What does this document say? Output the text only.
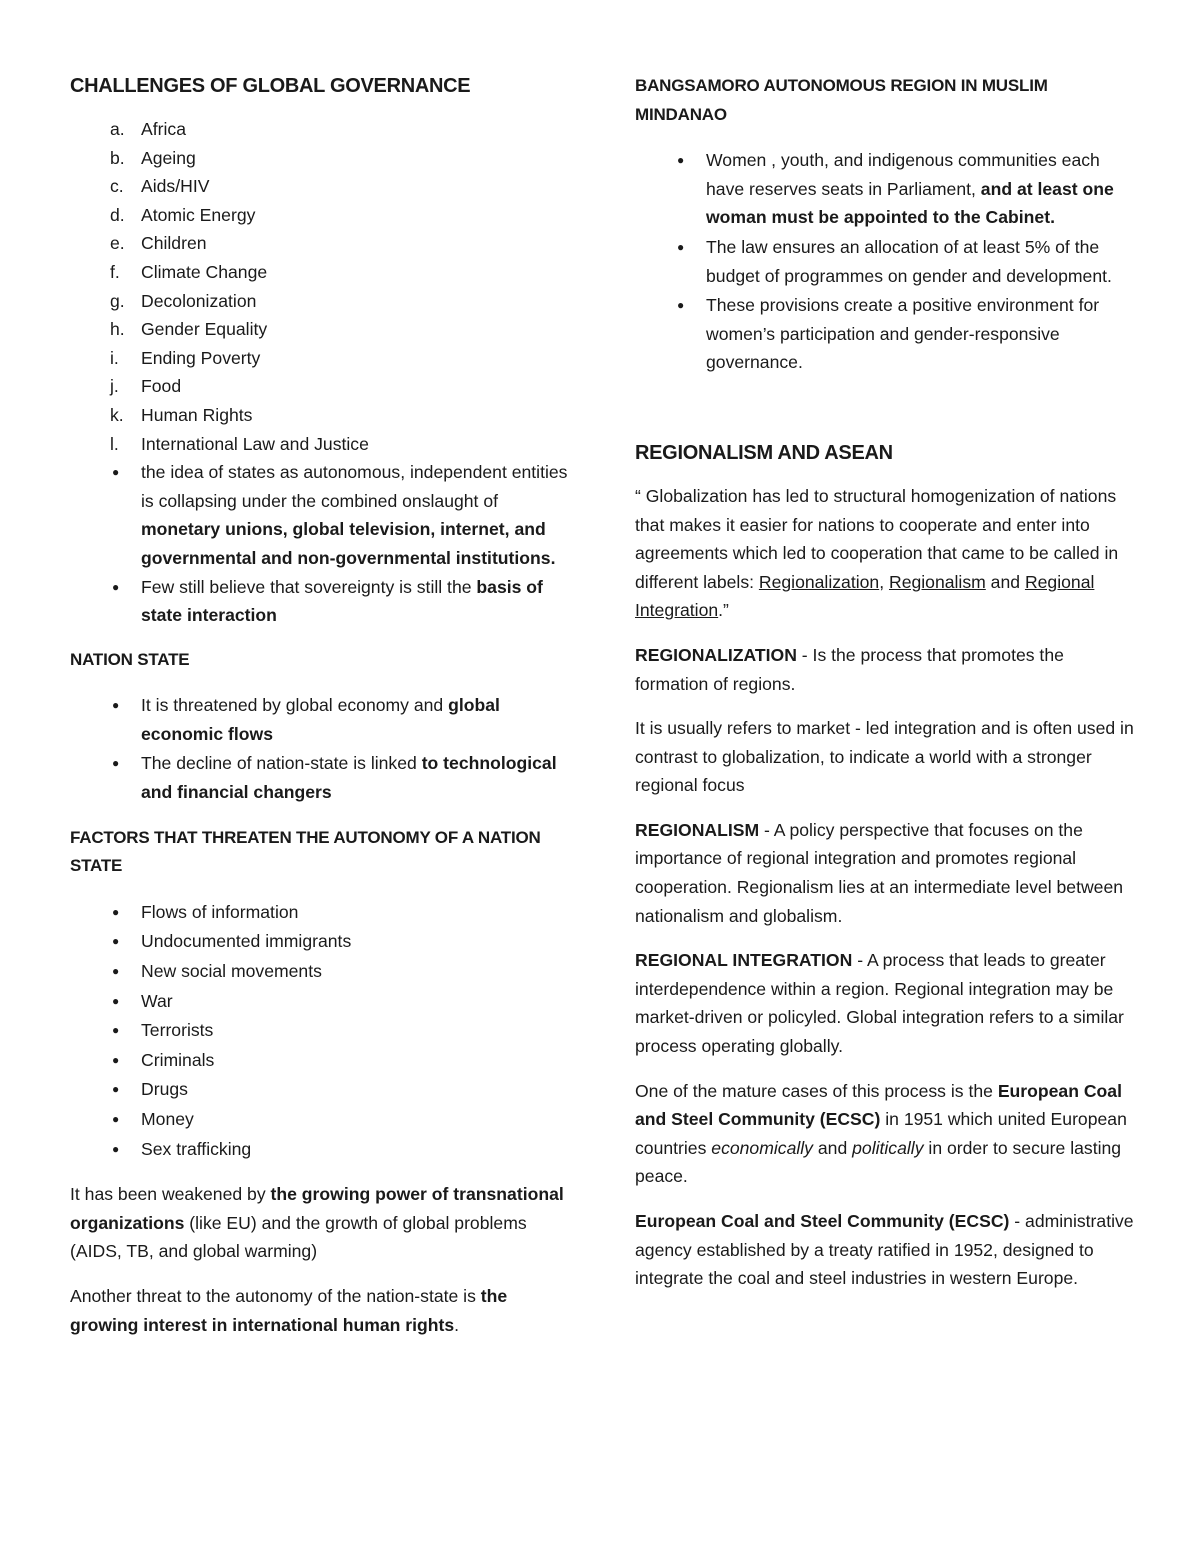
CHALLENGES OF GLOBAL GOVERNANCE
a. Africa
b. Ageing
c. Aids/HIV
d. Atomic Energy
e. Children
f. Climate Change
g. Decolonization
h. Gender Equality
i. Ending Poverty
j. Food
k. Human Rights
l. International Law and Justice
● the idea of states as autonomous, independent entities is collapsing under the combined onslaught of monetary unions, global television, internet, and governmental and non-governmental institutions.
● Few still believe that sovereignty is still the basis of state interaction
NATION STATE
● It is threatened by global economy and global economic flows
● The decline of nation-state is linked to technological and financial changers
FACTORS THAT THREATEN THE AUTONOMY OF A NATION STATE
● Flows of information
● Undocumented immigrants
● New social movements
● War
● Terrorists
● Criminals
● Drugs
● Money
● Sex trafficking

It has been weakened by the growing power of transnational organizations (like EU) and the growth of global problems (AIDS, TB, and global warming)

Another threat to the autonomy of the nation-state is the growing interest in international human rights.

BANGSAMORO AUTONOMOUS REGION IN MUSLIM MINDANAO
● Women , youth, and indigenous communities each have reserves seats in Parliament, and at least one woman must be appointed to the Cabinet.
● The law ensures an allocation of at least 5% of the budget of programmes on gender and development.
● These provisions create a positive environment for women’s participation and gender-responsive governance.
REGIONALISM AND ASEAN

“ Globalization has led to structural homogenization of nations that makes it easier for nations to cooperate and enter into agreements which led to cooperation that came to be called in different labels: Regionalization, Regionalism and Regional Integration.”

REGIONALIZATION - Is the process that promotes the formation of regions.

It is usually refers to market - led integration and is often used in contrast to globalization, to indicate a world with a stronger regional focus

REGIONALISM - A policy perspective that focuses on the importance of regional integration and promotes regional cooperation. Regionalism lies at an intermediate level between nationalism and globalism.

REGIONAL INTEGRATION - A process that leads to greater interdependence within a region. Regional integration may be market-driven or policyled. Global integration refers to a similar process operating globally.

One of the mature cases of this process is the European Coal and Steel Community (ECSC) in 1951 which united European countries economically and politically in order to secure lasting peace.

European Coal and Steel Community (ECSC) - administrative agency established by a treaty ratified in 1952, designed to integrate the coal and steel industries in western Europe.
